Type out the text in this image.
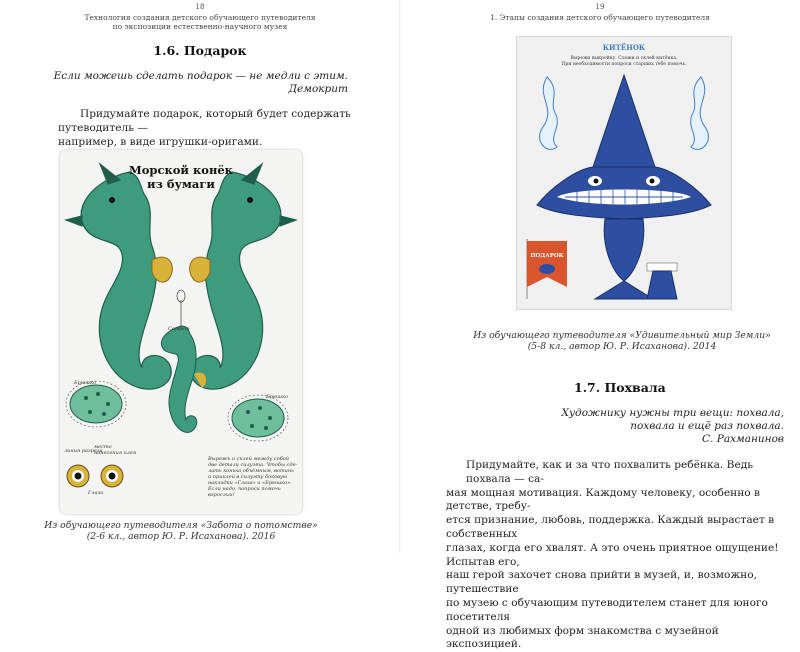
18
Технология создания детского обучающего путеводителя
по экспозиции естественно-научного музея
1.6. Подарок
Если можешь сделать подарок — не медли с этим.
Демокрит
Придумайте подарок, который будет содержать путеводитель —
например, в виде игрушки-оригами.
Морской конёк
из бумаги
Салфет
Брюшко
Брюшко
линия разреза
место
нанесения клея
Глаза
Вырежь и склей между собой
две детали силуэта. Чтобы сде-
лать конька объёмным, вотинь
и приклей в силуэту боковую
накладки «Глаза» и «Брюшко».
Если надо, попроси помочь
взрослых!
Из обучающего путеводителя «Забота о потомстве»
(2-6 кл., автор Ю. Р. Исаханова). 2016
19
1. Этапы создания детского обучающего путеводителя
КИТЁНОК
Вырежи выкройку. Сложи и склей китёнка.
При необходимости попроси старших тебе помочь.
ПОДАРОК
Из обучающего путеводителя «Удивительный мир Земли»
(5-8 кл., автор Ю. Р. Исаханова). 2014
1.7. Похвала
Художнику нужны три вещи: похвала,
похвала и ещё раз похвала.
С. Рахманинов
Придумайте, как и за что похвалить ребёнка. Ведь похвала — са-
мая мощная мотивация. Каждому человеку, особенно в детстве, требу-
ется признание, любовь, поддержка. Каждый вырастает в собственных
глазах, когда его хвалят. А это очень приятное ощущение! Испытав его,
наш герой захочет снова прийти в музей, и, возможно, путешествие
по музею с обучающим путеводителем станет для юного посетителя
одной из любимых форм знакомства с музейной экспозицией.
